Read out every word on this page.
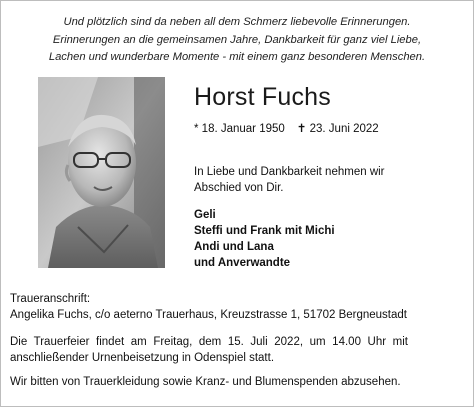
Und plötzlich sind da neben all dem Schmerz liebevolle Erinnerungen.
Erinnerungen an die gemeinsamen Jahre, Dankbarkeit für ganz viel Liebe,
Lachen und wunderbare Momente - mit einem ganz besonderen Menschen.
Horst Fuchs
* 18. Januar 1950 ✝ 23. Juni 2022
In Liebe und Dankbarkeit nehmen wir
Abschied von Dir.
Geli
Steffi und Frank mit Michi
Andi und Lana
und Anverwandte
Traueranschrift:
Angelika Fuchs, c/o aeterno Trauerhaus, Kreuzstrasse 1, 51702 Bergneustadt
Die Trauerfeier findet am Freitag, dem 15. Juli 2022, um 14.00 Uhr mit
anschließender Urnenbeisetzung in Odenspiel statt.
Wir bitten von Trauerkleidung sowie Kranz- und Blumenspenden abzusehen.
